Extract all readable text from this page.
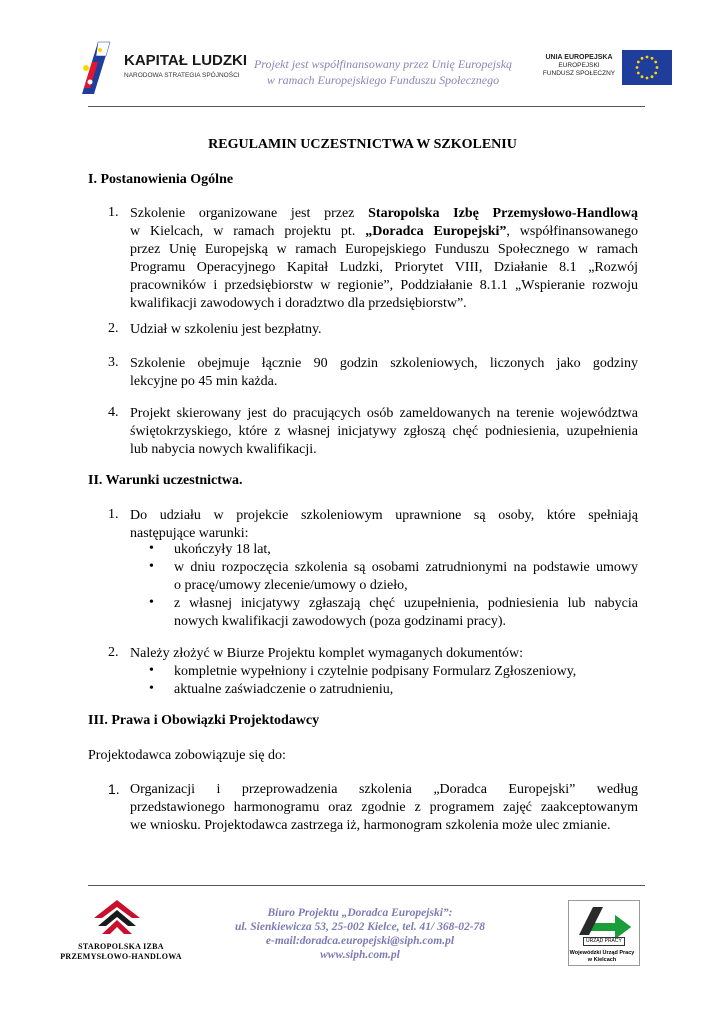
KAPITAŁ LUDZKI
NARODOWA STRATEGIA SPÓJNOŚCI
Projekt jest współfinansowany przez Unię Europejską
w ramach Europejskiego Funduszu Społecznego
UNIA EUROPEJSKA
EUROPEJSKI
FUNDUSZ SPOŁECZNY
REGULAMIN UCZESTNICTWA W SZKOLENIU
I. Postanowienia Ogólne
1. Szkolenie organizowane jest przez Staropolska Izbę Przemysłowo-Handlową
w Kielcach, w ramach projektu pt. „Doradca Europejski”, współfinansowanego
przez Unię Europejską w ramach Europejskiego Funduszu Społecznego w ramach
Programu Operacyjnego Kapitał Ludzki, Priorytet VIII, Działanie 8.1 „Rozwój
pracowników i przedsiębiorstw w regionie”, Poddziałanie 8.1.1 „Wspieranie rozwoju
kwalifikacji zawodowych i doradztwo dla przedsiębiorstw”.
2. Udział w szkoleniu jest bezpłatny.
3. Szkolenie obejmuje łącznie 90 godzin szkoleniowych, liczonych jako godziny
lekcyjne po 45 min każda.
4. Projekt skierowany jest do pracujących osób zameldowanych na terenie województwa
świętokrzyskiego, które z własnej inicjatywy zgłoszą chęć podniesienia, uzupełnienia
lub nabycia nowych kwalifikacji.
II. Warunki uczestnictwa.
1. Do udziału w projekcie szkoleniowym uprawnione są osoby, które spełniają
następujące warunki:
• ukończyły 18 lat,
• w dniu rozpoczęcia szkolenia są osobami zatrudnionymi na podstawie umowy
o pracę/umowy zlecenie/umowy o dzieło,
• z własnej inicjatywy zgłaszają chęć uzupełnienia, podniesienia lub nabycia
nowych kwalifikacji zawodowych (poza godzinami pracy).
2. Należy złożyć w Biurze Projektu komplet wymaganych dokumentów:
• kompletnie wypełniony i czytelnie podpisany Formularz Zgłoszeniowy,
• aktualne zaświadczenie o zatrudnieniu,
III. Prawa i Obowiązki Projektodawcy
Projektodawca zobowiązuje się do:
1. Organizacji i przeprowadzenia szkolenia „Doradca Europejski” według
przedstawionego harmonogramu oraz zgodnie z programem zajęć zaakceptowanym
we wniosku. Projektodawca zastrzega iż, harmonogram szkolenia może ulec zmianie.
STAROPOLSKA IZBA
PRZEMYSŁOWO-HANDLOWA
Biuro Projektu „Doradca Europejski”:
ul. Sienkiewicza 53, 25-002 Kielce, tel. 41/ 368-02-78
e-mail:doradca.europejski@siph.com.pl
www.siph.com.pl
URZĄD PRACY
Wojewódzki Urząd Pracy
w Kielcach
